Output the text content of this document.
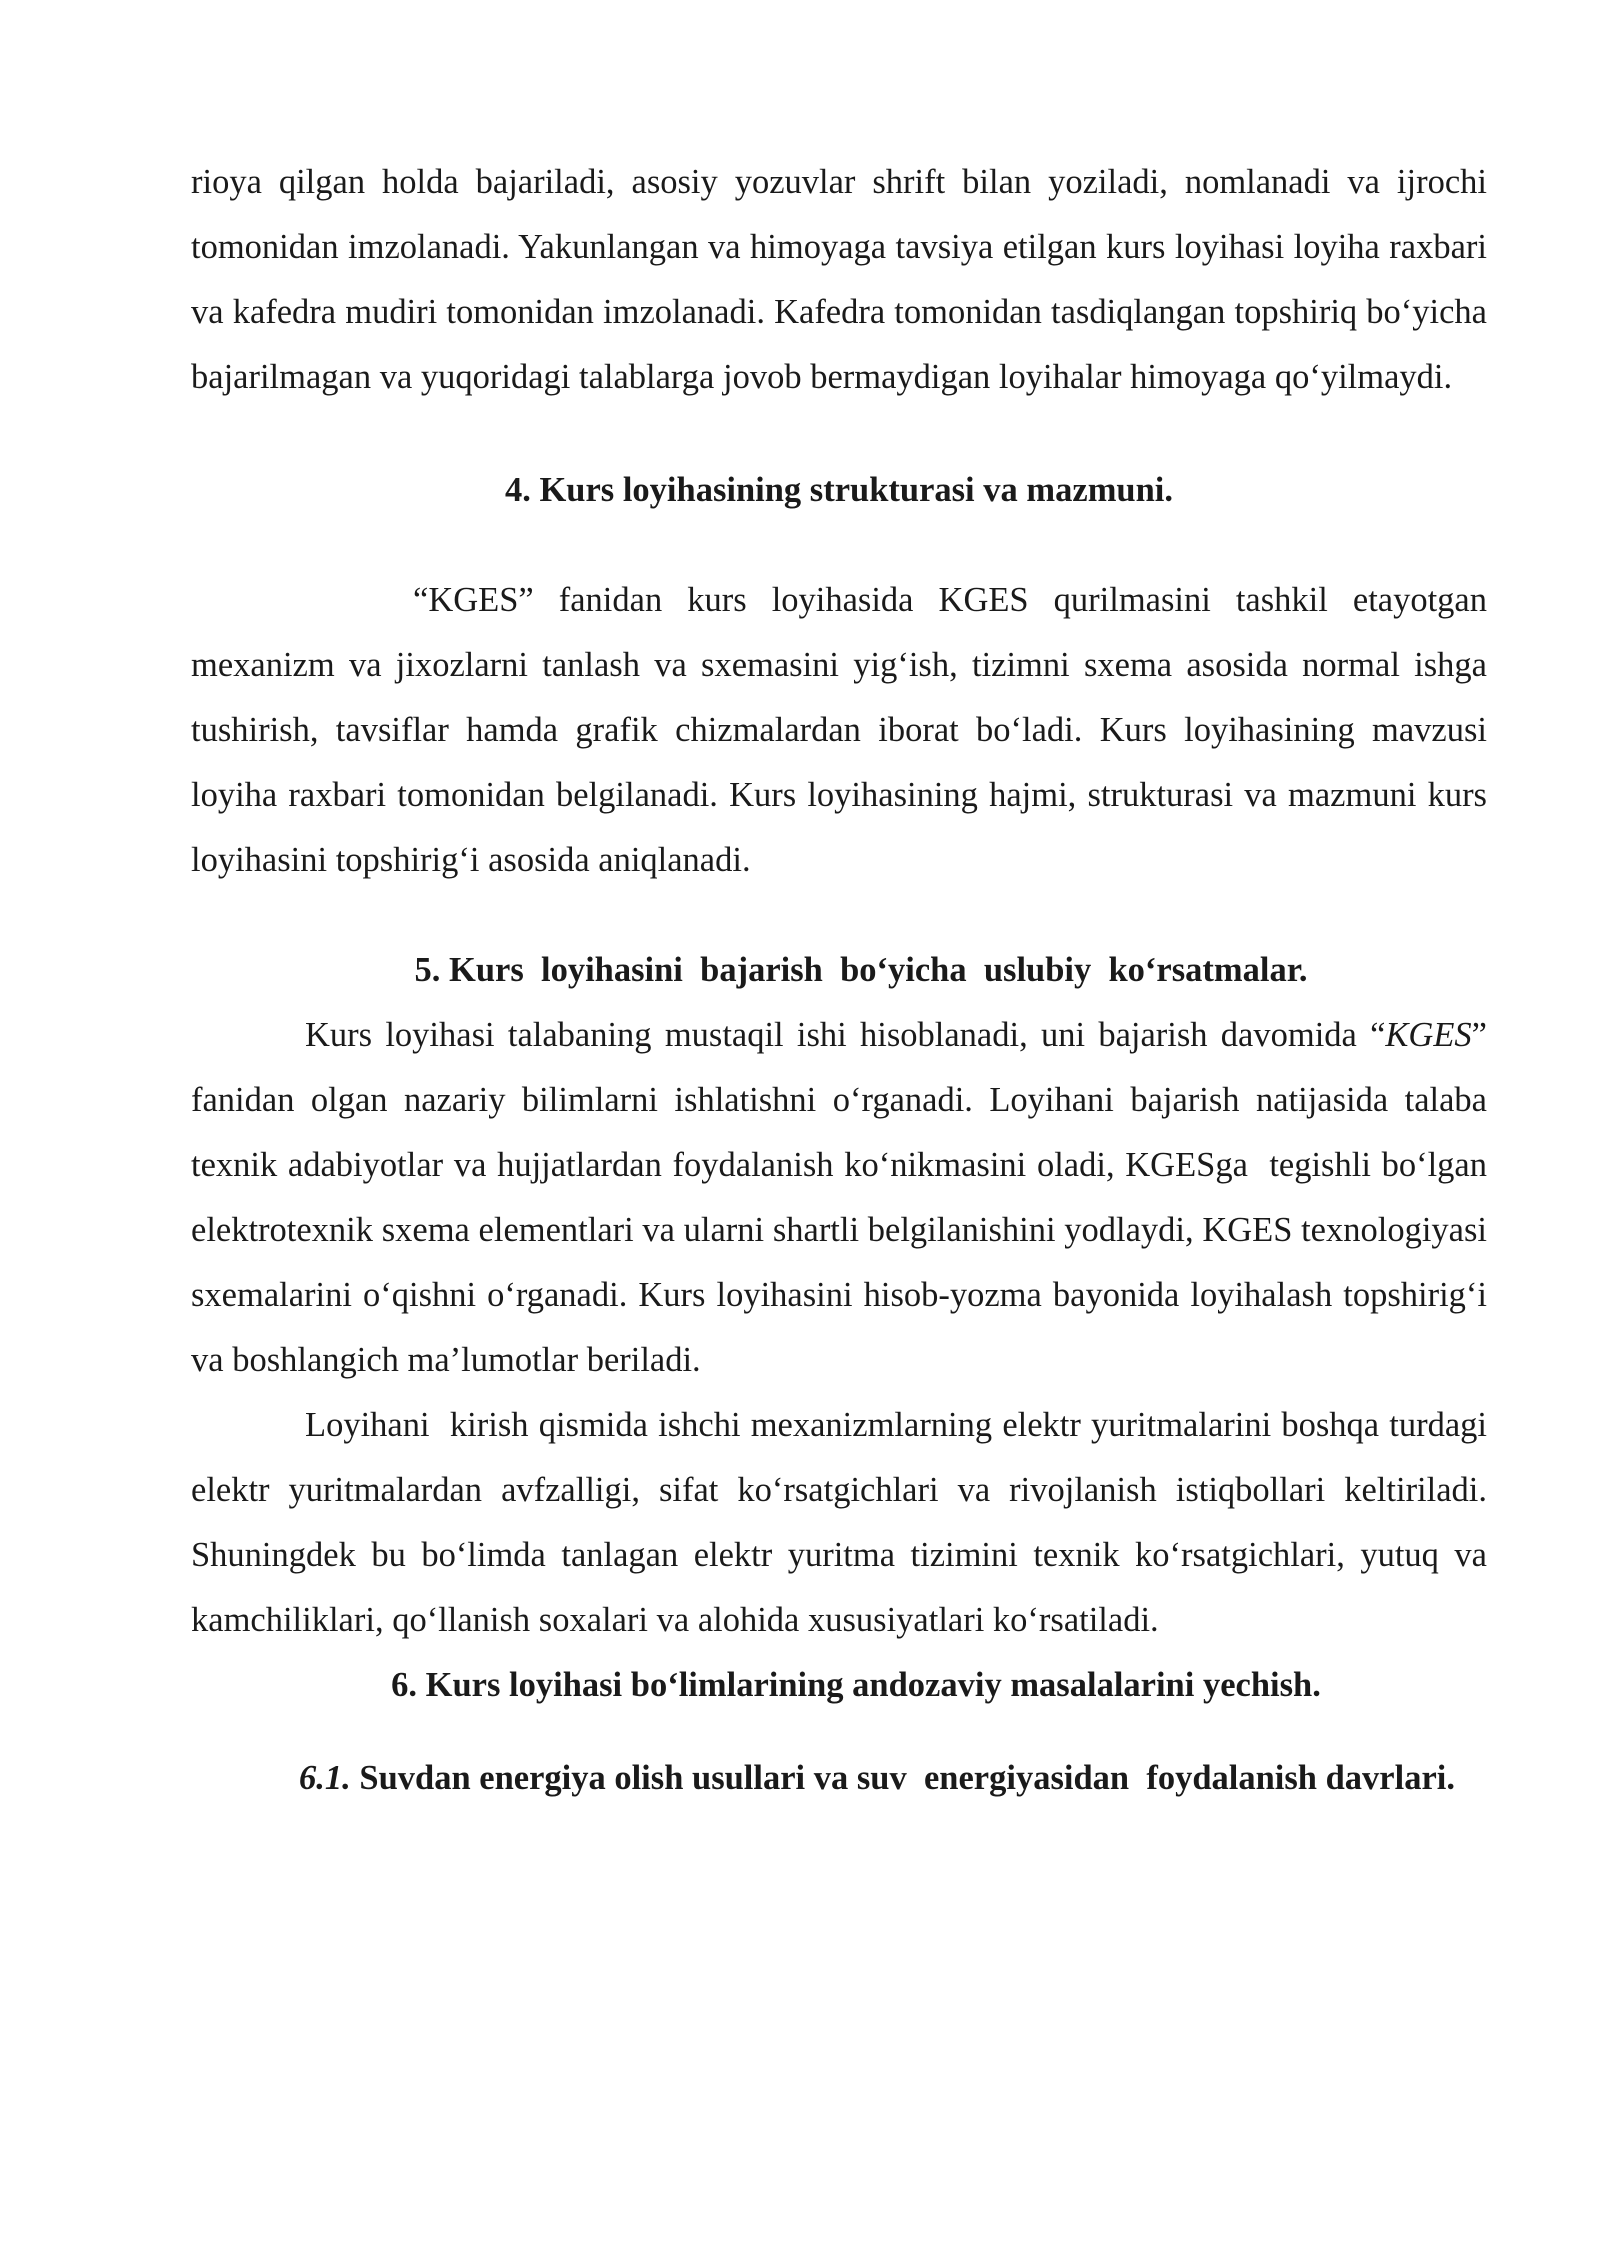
rioya qilgan holda bajariladi, asosiy yozuvlar shrift bilan yoziladi, nomlanadi va ijrochi tomonidan imzolanadi. Yakunlangan va himoyaga tavsiya etilgan kurs loyihasi loyiha raxbari va kafedra mudiri tomonidan imzolanadi. Kafedra tomonidan tasdiqlangan topshiriq bo‘yicha bajarilmagan va yuqoridagi talablarga jovob bermaydigan loyihalar himoyaga qo‘yilmaydi.

4. Kurs loyihasining strukturasi va mazmuni.

“KGES” fanidan kurs loyihasida KGES qurilmasini tashkil etayotgan mexanizm va jixozlarni tanlash va sxemasini yig‘ish, tizimni sxema asosida normal ishga tushirish, tavsiflar hamda grafik chizmalardan iborat bo‘ladi. Kurs loyihasining mavzusi loyiha raxbari tomonidan belgilanadi. Kurs loyihasining hajmi, strukturasi va mazmuni kurs loyihasini topshirig‘i asosida aniqlanadi.

5. Kurs  loyihasini  bajarish  bo‘yicha  uslubiy  ko‘rsatmalar.

Kurs loyihasi talabaning mustaqil ishi hisoblanadi, uni bajarish davomida “KGES” fanidan olgan nazariy bilimlarni ishlatishni o‘rganadi. Loyihani bajarish natijasida talaba texnik adabiyotlar va hujjatlardan foydalanish ko‘nikmasini oladi, KGESga  tegishli bo‘lgan elektrotexnik sxema elementlari va ularni shartli belgilanishini yodlaydi, KGES texnologiyasi sxemalarini o‘qishni o‘rganadi. Kurs loyihasini hisob-yozma bayonida loyihalash topshirig‘i va boshlangich ma’lumotlar beriladi.

Loyihani  kirish qismida ishchi mexanizmlarning elektr yuritmalarini boshqa turdagi elektr yuritmalardan avfzalligi, sifat ko‘rsatgichlari va rivojlanish istiqbollari keltiriladi.  Shuningdek bu bo‘limda tanlagan elektr yuritma tizimini texnik ko‘rsatgichlari, yutuq va kamchiliklari, qo‘llanish soxalari va alohida xususiyatlari ko‘rsatiladi.

6. Kurs loyihasi bo‘limlarining andozaviy masalalarini yechish.

6.1. Suvdan energiya olish usullari va suv  energiyasidan  foydalanish davrlari.
